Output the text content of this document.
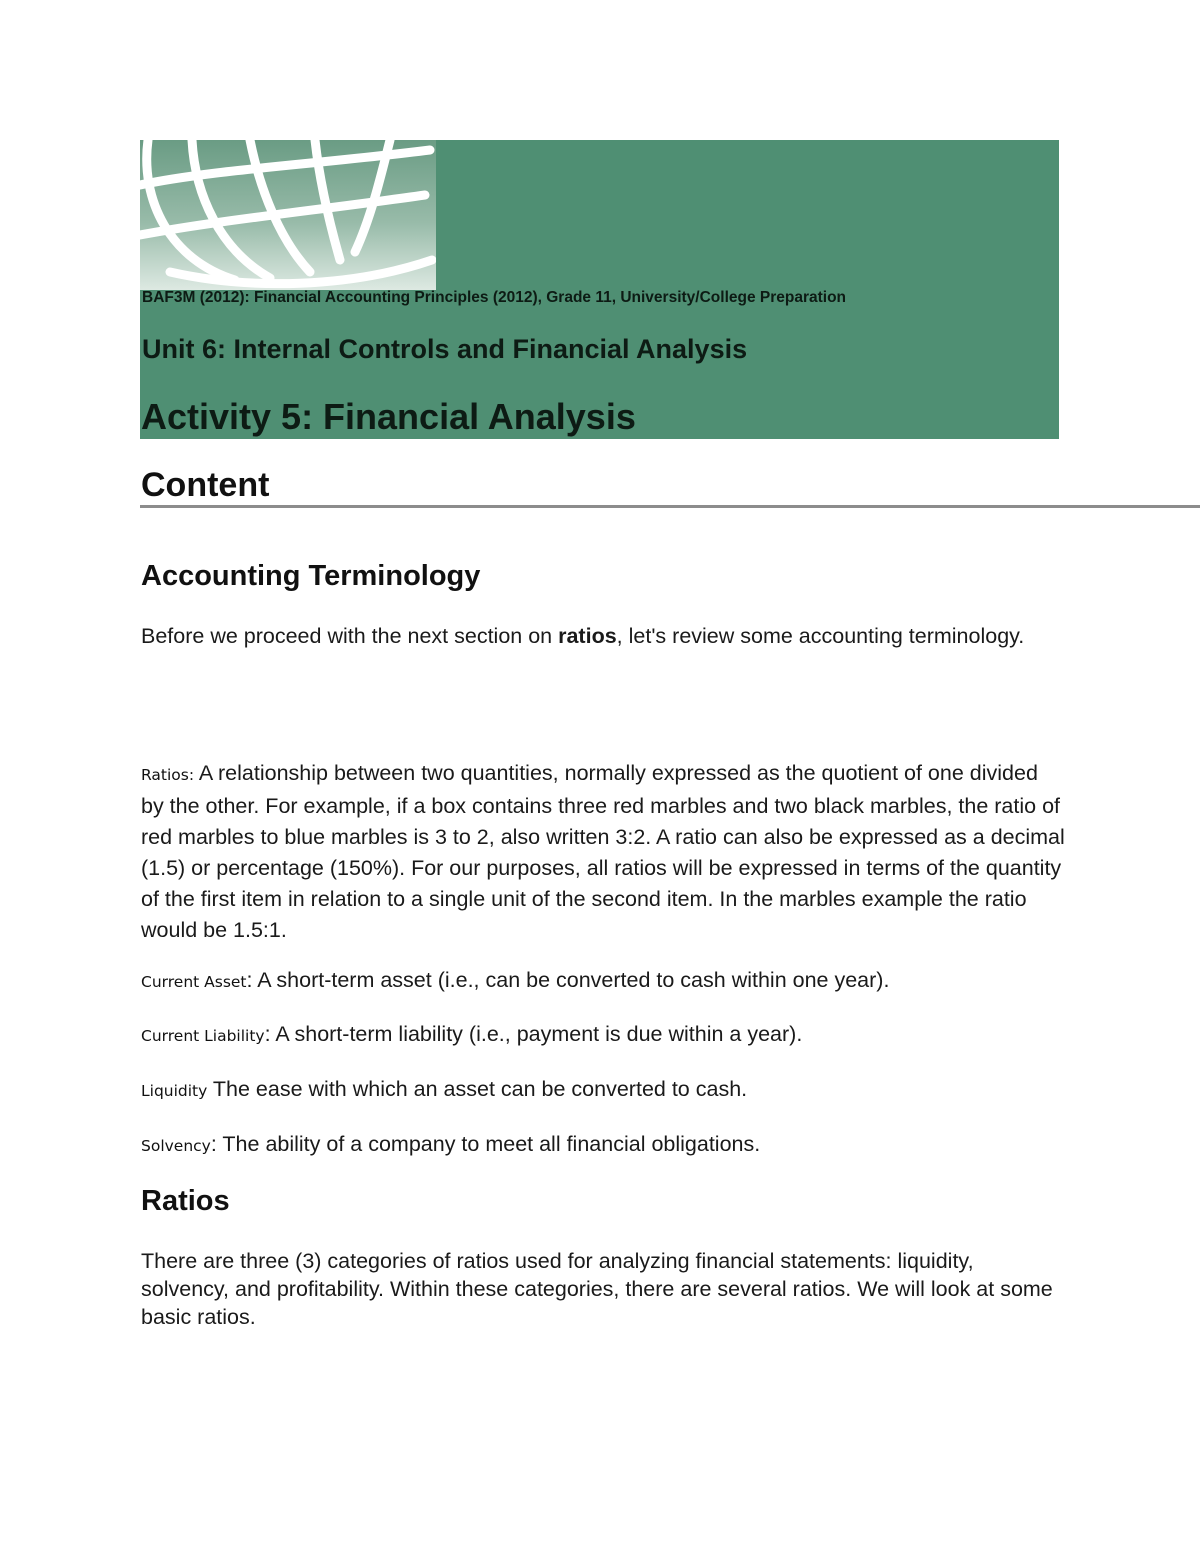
BAF3M (2012): Financial Accounting Principles (2012), Grade 11, University/College Preparation

Unit 6: Internal Controls and Financial Analysis
Activity 5: Financial Analysis
Content
Accounting Terminology

Before we proceed with the next section on ratios, let's review some accounting terminology.

Ratios: A relationship between two quantities, normally expressed as the quotient of one divided by the other. For example, if a box contains three red marbles and two black marbles, the ratio of red marbles to blue marbles is 3 to 2, also written 3:2. A ratio can also be expressed as a decimal (1.5) or percentage (150%). For our purposes, all ratios will be expressed in terms of the quantity of the first item in relation to a single unit of the second item. In the marbles example the ratio would be 1.5:1.

Current Asset: A short-term asset (i.e., can be converted to cash within one year).

Current Liability: A short-term liability (i.e., payment is due within a year).

Liquidity The ease with which an asset can be converted to cash.

Solvency: The ability of a company to meet all financial obligations.

Ratios

There are three (3) categories of ratios used for analyzing financial statements: liquidity, solvency, and profitability. Within these categories, there are several ratios. We will look at some basic ratios.
